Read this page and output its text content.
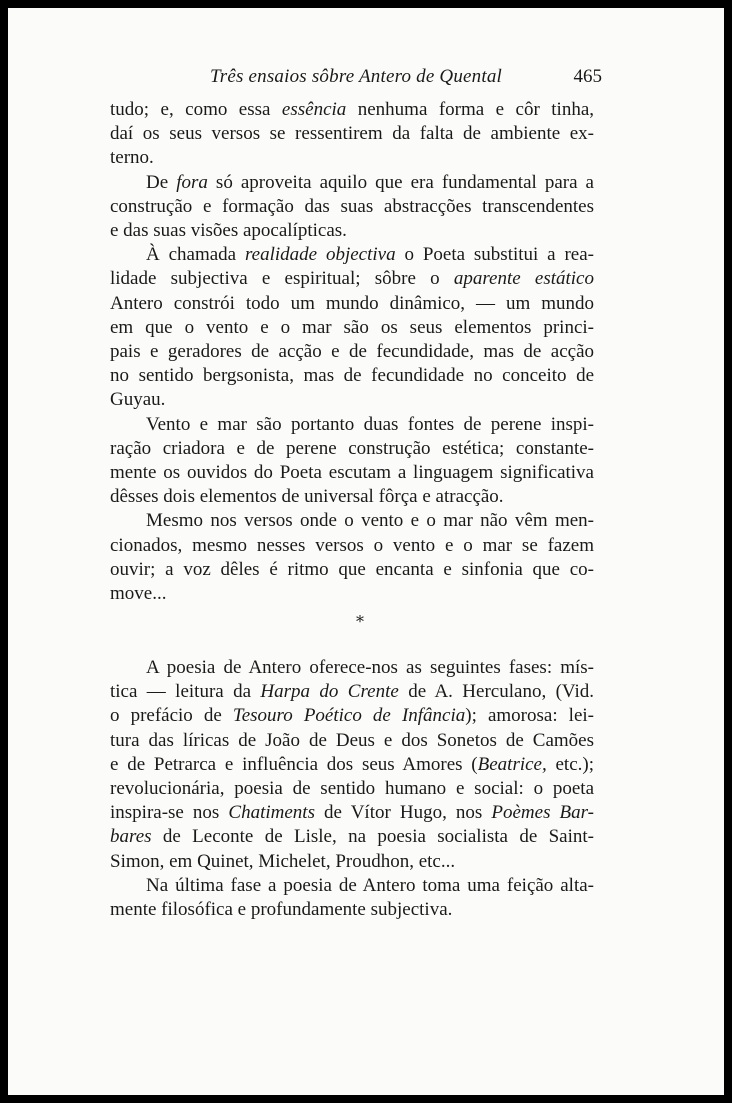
Três ensaios sôbre Antero de Quental	465

tudo; e, como essa essência nenhuma forma e côr tinha,

daí os seus versos se ressentirem da falta de ambiente ex-

terno.

De fora só aproveita aquilo que era fundamental para a

construção e formação das suas abstracções transcendentes

e das suas visões apocalípticas.

À chamada realidade objectiva o Poeta substitui a rea-

lidade subjectiva e espiritual; sôbre o aparente estático

Antero constrói todo um mundo dinâmico, — um mundo

em que o vento e o mar são os seus elementos princi-

pais e geradores de acção e de fecundidade, mas de acção

no sentido bergsonista, mas de fecundidade no conceito de

Guyau.

Vento e mar são portanto duas fontes de perene inspi-

ração criadora e de perene construção estética; constante-

mente os ouvidos do Poeta escutam a linguagem significativa

dêsses dois elementos de universal fôrça e atracção.

Mesmo nos versos onde o vento e o mar não vêm men-

cionados, mesmo nesses versos o vento e o mar se fazem

ouvir; a voz dêles é ritmo que encanta e sinfonia que co-

move...

*

A poesia de Antero oferece-nos as seguintes fases: mís-

tica — leitura da Harpa do Crente de A. Herculano, (Vid.

o prefácio de Tesouro Poético de Infância); amorosa: lei-

tura das líricas de João de Deus e dos Sonetos de Camões

e de Petrarca e influência dos seus Amores (Beatrice, etc.);

revolucionária, poesia de sentido humano e social: o poeta

inspira-se nos Chatiments de Vítor Hugo, nos Poèmes Bar-

bares de Leconte de Lisle, na poesia socialista de Saint-

Simon, em Quinet, Michelet, Proudhon, etc...

Na última fase a poesia de Antero toma uma feição alta-

mente filosófica e profundamente subjectiva.
